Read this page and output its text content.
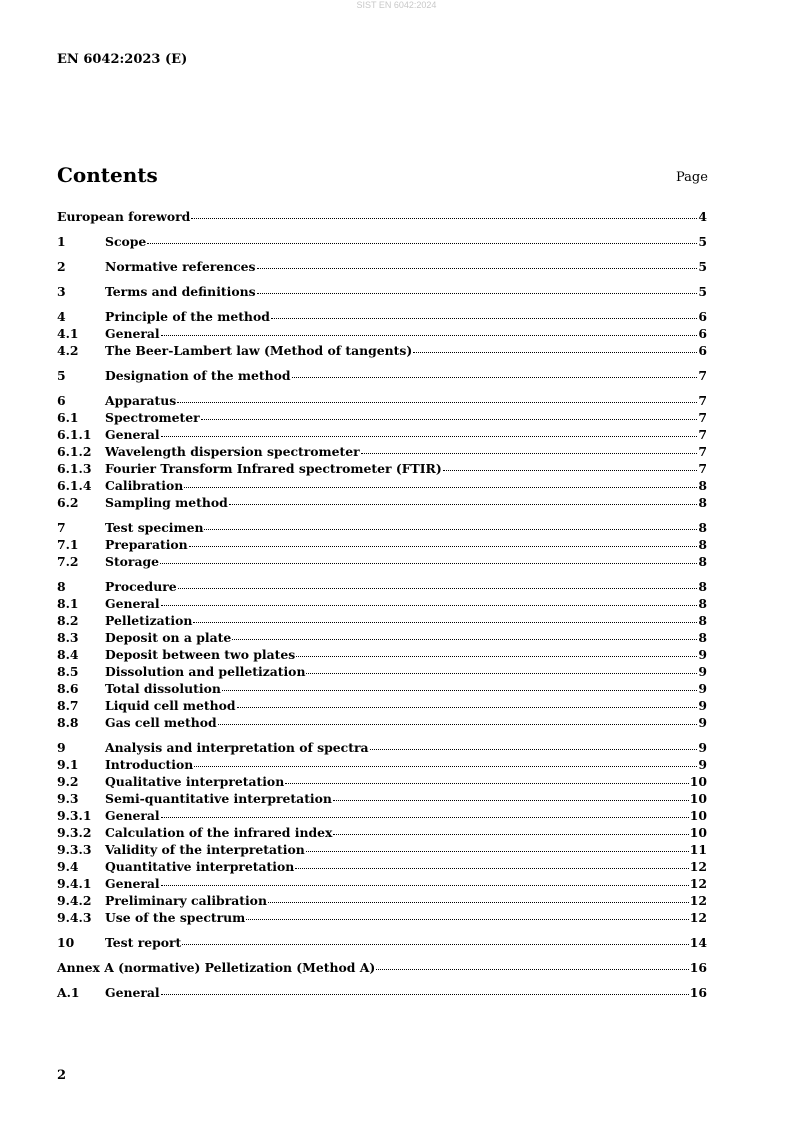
SIST EN 6042:2024
EN 6042:2023 (E)
Contents	Page
European foreword	4
1	Scope	5
2	Normative references	5
3	Terms and definitions	5
4	Principle of the method	6
4.1	General	6
4.2	The Beer-Lambert law (Method of tangents)	6
5	Designation of the method	7
6	Apparatus	7
6.1	Spectrometer	7
6.1.1	General	7
6.1.2	Wavelength dispersion spectrometer	7
6.1.3	Fourier Transform Infrared spectrometer (FTIR)	7
6.1.4	Calibration	8
6.2	Sampling method	8
7	Test specimen	8
7.1	Preparation	8
7.2	Storage	8
8	Procedure	8
8.1	General	8
8.2	Pelletization	8
8.3	Deposit on a plate	8
8.4	Deposit between two plates	9
8.5	Dissolution and pelletization	9
8.6	Total dissolution	9
8.7	Liquid cell method	9
8.8	Gas cell method	9
9	Analysis and interpretation of spectra	9
9.1	Introduction	9
9.2	Qualitative interpretation	10
9.3	Semi-quantitative interpretation	10
9.3.1	General	10
9.3.2	Calculation of the infrared index	10
9.3.3	Validity of the interpretation	11
9.4	Quantitative interpretation	12
9.4.1	General	12
9.4.2	Preliminary calibration	12
9.4.3	Use of the spectrum	12
10	Test report	14
Annex A (normative) Pelletization (Method A)	16
A.1	General	16
2
